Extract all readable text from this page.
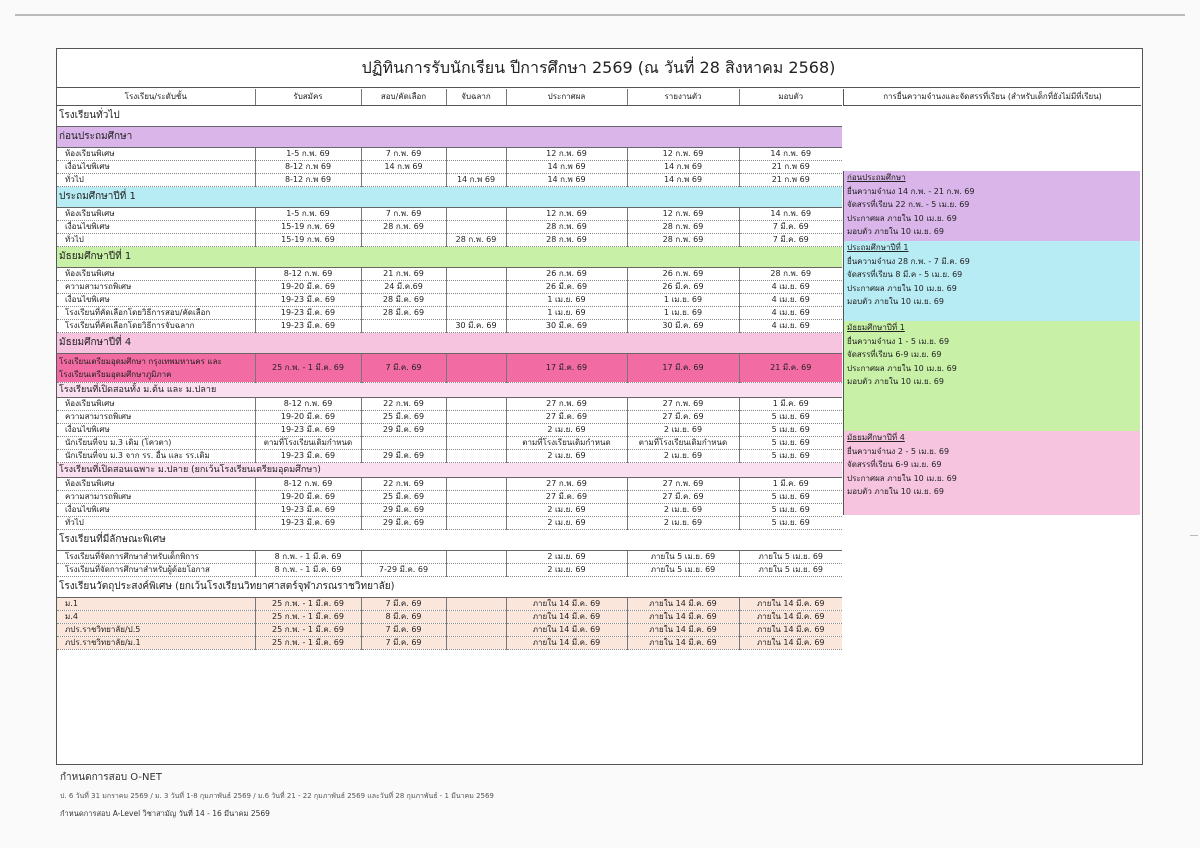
ปฏิทินการรับนักเรียน ปีการศึกษา 2569 (ณ วันที่ 28 สิงหาคม 2568)
โรงเรียน/ระดับชั้น	รับสมัคร	สอบ/คัดเลือก	จับฉลาก	ประกาศผล	รายงานตัว	มอบตัว
โรงเรียนทั่วไป						
ก่อนประถมศึกษา						
ห้องเรียนพิเศษ	1-5 ก.พ. 69	7 ก.พ. 69		12 ก.พ. 69	12 ก.พ. 69	14 ก.พ. 69
เงื่อนไขพิเศษ	8-12 ก.พ 69	14 ก.พ 69		14 ก.พ 69	14 ก.พ 69	21 ก.พ 69
ทั่วไป	8-12 ก.พ 69		14 ก.พ 69	14 ก.พ 69	14 ก.พ 69	21 ก.พ 69
ประถมศึกษาปีที่ 1						
ห้องเรียนพิเศษ	1-5 ก.พ. 69	7 ก.พ. 69		12 ก.พ. 69	12 ก.พ. 69	14 ก.พ. 69
เงื่อนไขพิเศษ	15-19 ก.พ. 69	28 ก.พ. 69		28 ก.พ. 69	28 ก.พ. 69	7 มี.ค. 69
ทั่วไป	15-19 ก.พ. 69		28 ก.พ. 69	28 ก.พ. 69	28 ก.พ. 69	7 มี.ค. 69
มัธยมศึกษาปีที่ 1						
ห้องเรียนพิเศษ	8-12 ก.พ. 69	21 ก.พ. 69		26 ก.พ. 69	26 ก.พ. 69	28 ก.พ. 69
ความสามารถพิเศษ	19-20 มี.ค. 69	24 มี.ค.69		26 มี.ค. 69	26 มี.ค. 69	4 เม.ย. 69
เงื่อนไขพิเศษ	19-23 มี.ค. 69	28 มี.ค. 69		1 เม.ย. 69	1 เม.ย. 69	4 เม.ย. 69
โรงเรียนที่คัดเลือกโดยวิธีการสอบ/คัดเลือก	19-23 มี.ค. 69	28 มี.ค. 69		1 เม.ย. 69	1 เม.ย. 69	4 เม.ย. 69
โรงเรียนที่คัดเลือกโดยวิธีการจับฉลาก	19-23 มี.ค. 69		30 มี.ค. 69	30 มี.ค. 69	30 มี.ค. 69	4 เม.ย. 69
มัธยมศึกษาปีที่ 4						

โรงเรียนเตรียมอุดมศึกษา กรุงเทพมหานคร และ
โรงเรียนเตรียมอุดมศึกษาภูมิภาค	25 ก.พ. - 1 มี.ค. 69	7 มี.ค. 69		17 มี.ค. 69	17 มี.ค. 69	21 มี.ค. 69
โรงเรียนที่เปิดสอนทั้ง ม.ต้น และ ม.ปลาย						
ห้องเรียนพิเศษ	8-12 ก.พ. 69	22 ก.พ. 69		27 ก.พ. 69	27 ก.พ. 69	1 มี.ค. 69
ความสามารถพิเศษ	19-20 มี.ค. 69	25 มี.ค. 69		27 มี.ค. 69	27 มี.ค. 69	5 เม.ย. 69
เงื่อนไขพิเศษ	19-23 มี.ค. 69	29 มี.ค. 69		2 เม.ย. 69	2 เม.ย. 69	5 เม.ย. 69
นักเรียนที่จบ ม.3 เดิม (โควตา)	ตามที่โรงเรียนเดิมกำหนด			ตามที่โรงเรียนเดิมกำหนด	ตามที่โรงเรียนเดิมกำหนด	5 เม.ย. 69
นักเรียนที่จบ ม.3 จาก รร. อื่น และ รร.เดิม	19-23 มี.ค. 69	29 มี.ค. 69		2 เม.ย. 69	2 เม.ย. 69	5 เม.ย. 69
โรงเรียนที่เปิดสอนเฉพาะ ม.ปลาย (ยกเว้นโรงเรียนเตรียมอุดมศึกษา)						
ห้องเรียนพิเศษ	8-12 ก.พ. 69	22 ก.พ. 69		27 ก.พ. 69	27 ก.พ. 69	1 มี.ค. 69
ความสามารถพิเศษ	19-20 มี.ค. 69	25 มี.ค. 69		27 มี.ค. 69	27 มี.ค. 69	5 เม.ย. 69
เงื่อนไขพิเศษ	19-23 มี.ค. 69	29 มี.ค. 69		2 เม.ย. 69	2 เม.ย. 69	5 เม.ย. 69
ทั่วไป	19-23 มี.ค. 69	29 มี.ค. 69		2 เม.ย. 69	2 เม.ย. 69	5 เม.ย. 69
โรงเรียนที่มีลักษณะพิเศษ						
โรงเรียนที่จัดการศึกษาสำหรับเด็กพิการ	8 ก.พ. - 1 มี.ค. 69			2 เม.ย. 69	ภายใน 5 เม.ย. 69	ภายใน 5 เม.ย. 69
โรงเรียนที่จัดการศึกษาสำหรับผู้ด้อยโอกาส	8 ก.พ. - 1 มี.ค. 69	7-29 มี.ค. 69		2 เม.ย. 69	ภายใน 5 เม.ย. 69	ภายใน 5 เม.ย. 69
โรงเรียนวัตถุประสงค์พิเศษ (ยกเว้นโรงเรียนวิทยาศาสตร์จุฬาภรณราชวิทยาลัย)						
ม.1	25 ก.พ. - 1 มี.ค. 69	7 มี.ค. 69		ภายใน 14 มี.ค. 69	ภายใน 14 มี.ค. 69	ภายใน 14 มี.ค. 69
ม.4	25 ก.พ. - 1 มี.ค. 69	8 มี.ค. 69		ภายใน 14 มี.ค. 69	ภายใน 14 มี.ค. 69	ภายใน 14 มี.ค. 69
ภปร.ราชวิทยาลัย/ป.5	25 ก.พ. - 1 มี.ค. 69	7 มี.ค. 69		ภายใน 14 มี.ค. 69	ภายใน 14 มี.ค. 69	ภายใน 14 มี.ค. 69
ภปร.ราชวิทยาลัย/ม.1	25 ก.พ. - 1 มี.ค. 69	7 มี.ค. 69		ภายใน 14 มี.ค. 69	ภายใน 14 มี.ค. 69	ภายใน 14 มี.ค. 69
การยื่นความจำนงและจัดสรรที่เรียน (สำหรับเด็กที่ยังไม่มีที่เรียน)
ก่อนประถมศึกษา
ยื่นความจำนง 14 ก.พ. - 21 ก.พ. 69
จัดสรรที่เรียน 22 ก.พ. - 5 เม.ย. 69
ประกาศผล ภายใน 10 เม.ย. 69
มอบตัว ภายใน 10 เม.ย. 69
ประถมศึกษาปีที่ 1
ยื่นความจำนง 28 ก.พ. - 7 มี.ค. 69
จัดสรรที่เรียน 8 มี.ค - 5 เม.ย. 69
ประกาศผล ภายใน 10 เม.ย. 69
มอบตัว ภายใน 10 เม.ย. 69
มัธยมศึกษาปีที่ 1
ยื่นความจำนง 1 - 5 เม.ย. 69
จัดสรรที่เรียน 6-9 เม.ย. 69
ประกาศผล ภายใน 10 เม.ย. 69
มอบตัว ภายใน 10 เม.ย. 69
มัธยมศึกษาปีที่ 4
ยื่นความจำนง 2 - 5 เม.ย. 69
จัดสรรที่เรียน 6-9 เม.ย. 69
ประกาศผล ภายใน 10 เม.ย. 69
มอบตัว ภายใน 10 เม.ย. 69
กำหนดการสอบ O-NET
ป. 6 วันที่ 31 มกราคม 2569 / ม. 3 วันที่ 1-8 กุมภาพันธ์ 2569 / ม.6 วันที่ 21 - 22 กุมภาพันธ์ 2569 และวันที่ 28 กุมภาพันธ์ - 1 มีนาคม 2569
กำหนดการสอบ A-Level วิชาสามัญ วันที่ 14 - 16 มีนาคม 2569
